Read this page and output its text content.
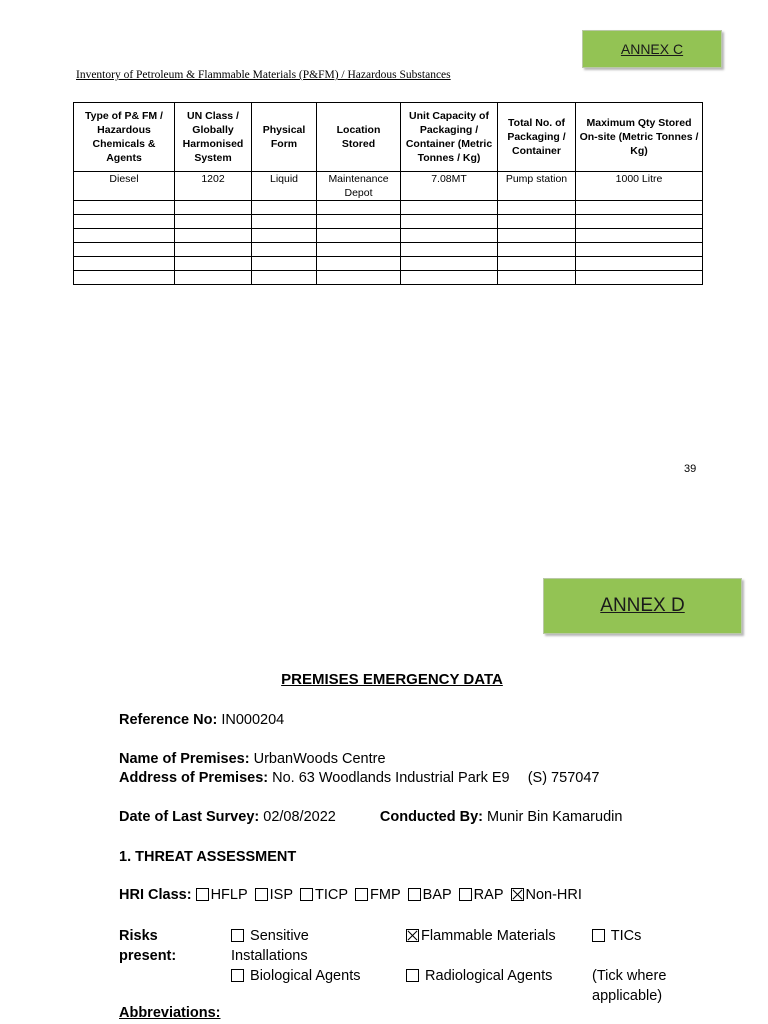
ANNEX C
Inventory of Petroleum & Flammable Materials (P&FM) / Hazardous Substances
Type of P& FM / Hazardous Chemicals & Agents	UN Class / Globally Harmonised System	Physical Form	Location Stored	Unit Capacity of Packaging / Container (Metric Tonnes / Kg)	Total No. of Packaging / Container	Maximum Qty Stored On-site (Metric Tonnes / Kg)
Diesel	1202	Liquid	Maintenance Depot	7.08MT	Pump station	1000 Litre

39
ANNEX D
PREMISES EMERGENCY DATA
Reference No: IN000204
Name of Premises: UrbanWoods Centre
Address of Premises: No. 63 Woodlands Industrial Park E9 (S) 757047
Date of Last Survey: 02/08/2022	Conducted By: Munir Bin Kamarudin
1. THREAT ASSESSMENT
HRI Class: HFLP ISP TICP FMP BAP RAP Non-HRI
Risks
present:
Sensitive
Installations
Flammable Materials	TICs
Biological Agents	Radiological Agents	(Tick where
applicable)
Abbreviations:
